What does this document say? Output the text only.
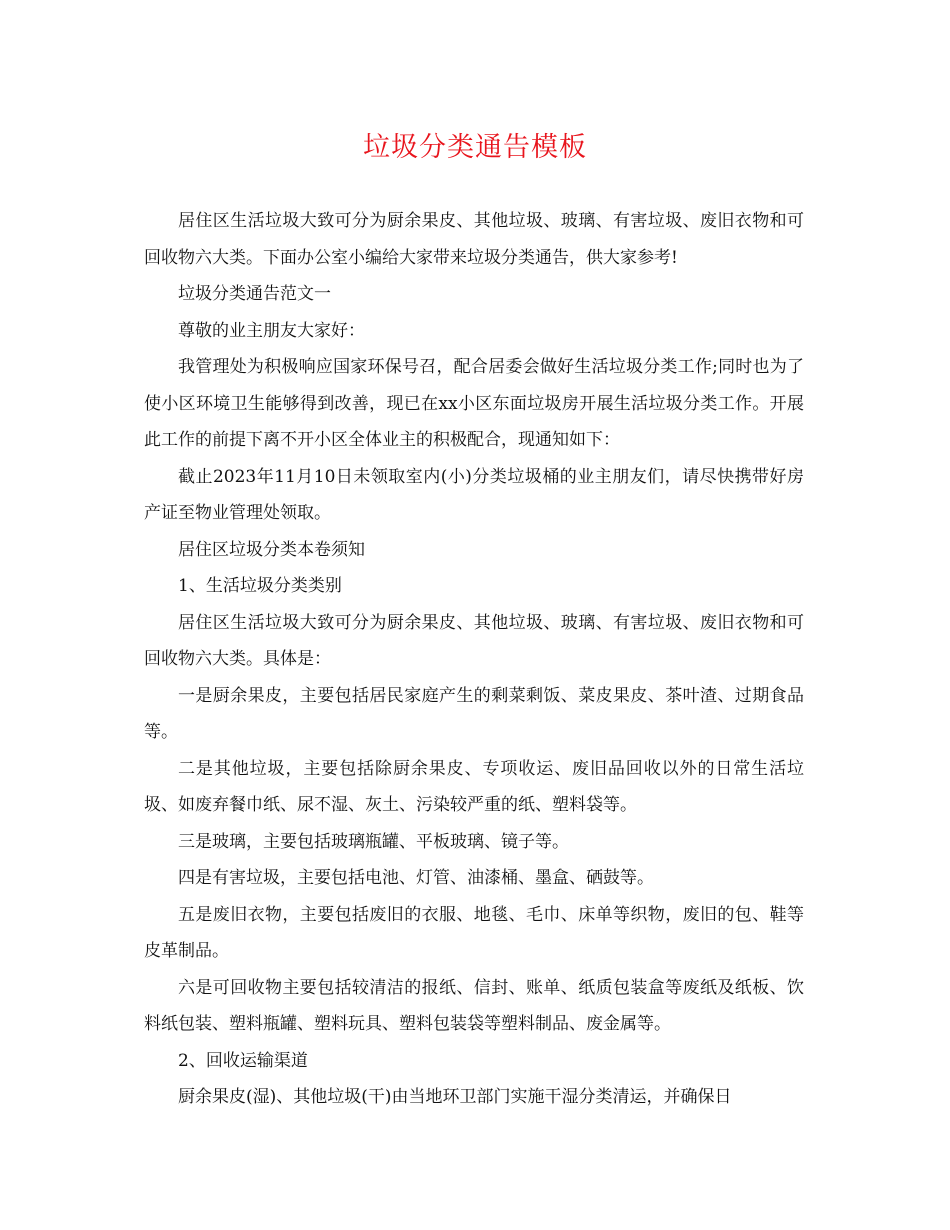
垃圾分类通告模板

居住区生活垃圾大致可分为厨余果皮、其他垃圾、玻璃、有害垃圾、废旧衣物和可回收物六大类。下面办公室小编给大家带来垃圾分类通告，供大家参考!

垃圾分类通告范文一

尊敬的业主朋友大家好：

我管理处为积极响应国家环保号召，配合居委会做好生活垃圾分类工作;同时也为了使小区环境卫生能够得到改善，现已在xx小区东面垃圾房开展生活垃圾分类工作。开展此工作的前提下离不开小区全体业主的积极配合，现通知如下：

截止2023年11月10日未领取室内(小)分类垃圾桶的业主朋友们，请尽快携带好房产证至物业管理处领取。

居住区垃圾分类本卷须知

1、生活垃圾分类类别

居住区生活垃圾大致可分为厨余果皮、其他垃圾、玻璃、有害垃圾、废旧衣物和可回收物六大类。具体是：

一是厨余果皮，主要包括居民家庭产生的剩菜剩饭、菜皮果皮、茶叶渣、过期食品等。

二是其他垃圾，主要包括除厨余果皮、专项收运、废旧品回收以外的日常生活垃圾、如废弃餐巾纸、尿不湿、灰土、污染较严重的纸、塑料袋等。

三是玻璃，主要包括玻璃瓶罐、平板玻璃、镜子等。

四是有害垃圾，主要包括电池、灯管、油漆桶、墨盒、硒鼓等。

五是废旧衣物，主要包括废旧的衣服、地毯、毛巾、床单等织物，废旧的包、鞋等皮革制品。

六是可回收物主要包括较清洁的报纸、信封、账单、纸质包装盒等废纸及纸板、饮料纸包装、塑料瓶罐、塑料玩具、塑料包装袋等塑料制品、废金属等。

2、回收运输渠道

厨余果皮(湿)、其他垃圾(干)由当地环卫部门实施干湿分类清运，并确保日
